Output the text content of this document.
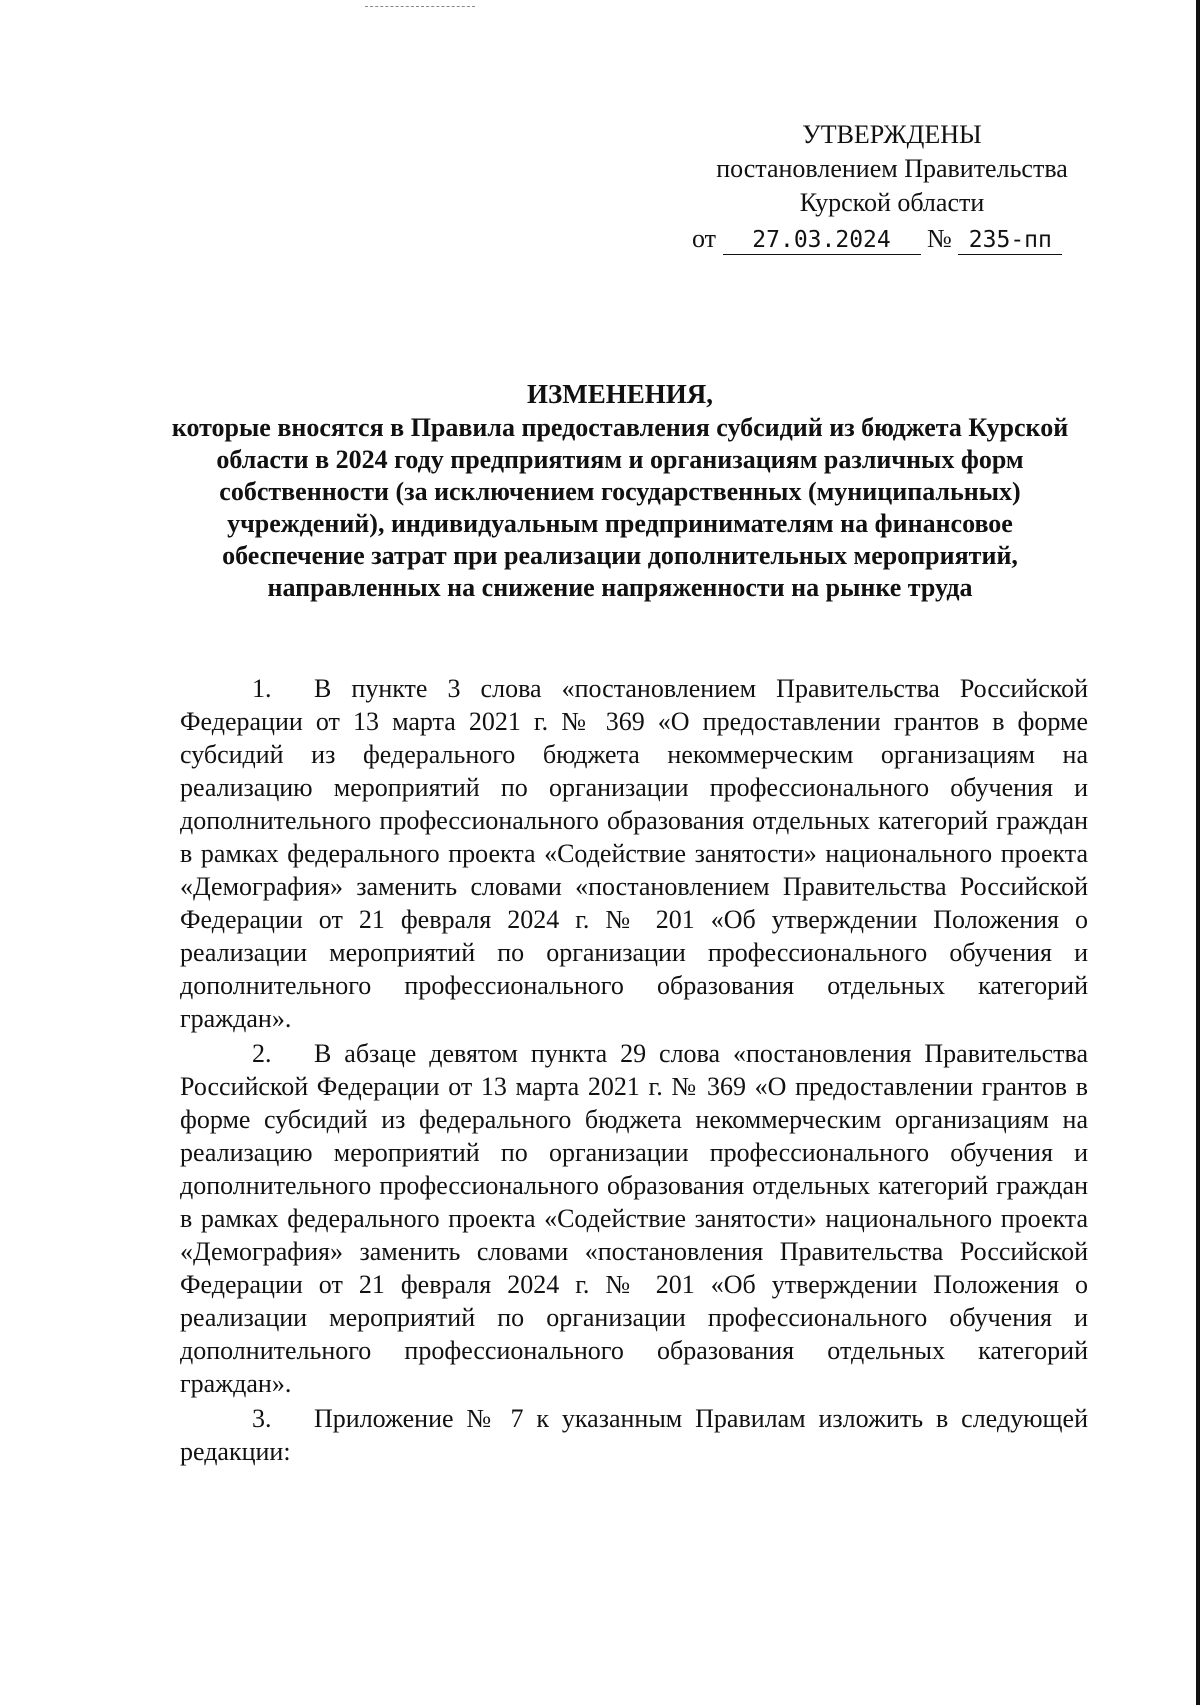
УТВЕРЖДЕНЫ
постановлением Правительства
Курской области
от 27.03.2024 № 235-пп
ИЗМЕНЕНИЯ,
которые вносятся в Правила предоставления субсидий из бюджета Курской области в 2024 году предприятиям и организациям различных форм собственности (за исключением государственных (муниципальных) учреждений), индивидуальным предпринимателям на финансовое обеспечение затрат при реализации дополнительных мероприятий, направленных на снижение напряженности на рынке труда

1. В пункте 3 слова «постановлением Правительства Российской Федерации от 13 марта 2021 г. № 369 «О предоставлении грантов в форме субсидий из федерального бюджета некоммерческим организациям на реализацию мероприятий по организации профессионального обучения и дополнительного профессионального образования отдельных категорий граждан в рамках федерального проекта «Содействие занятости» национального проекта «Демография» заменить словами «постановлением Правительства Российской Федерации от 21 февраля 2024 г. № 201 «Об утверждении Положения о реализации мероприятий по организации профессионального обучения и дополнительного профессионального образования отдельных категорий граждан».

2. В абзаце девятом пункта 29 слова «постановления Правительства Российской Федерации от 13 марта 2021 г. № 369 «О предоставлении грантов в форме субсидий из федерального бюджета некоммерческим организациям на реализацию мероприятий по организации профессионального обучения и дополнительного профессионального образования отдельных категорий граждан в рамках федерального проекта «Содействие занятости» национального проекта «Демография» заменить словами «постановления Правительства Российской Федерации от 21 февраля 2024 г. № 201 «Об утверждении Положения о реализации мероприятий по организации профессионального обучения и дополнительного профессионального образования отдельных категорий граждан».

3. Приложение № 7 к указанным Правилам изложить в следующей редакции:
